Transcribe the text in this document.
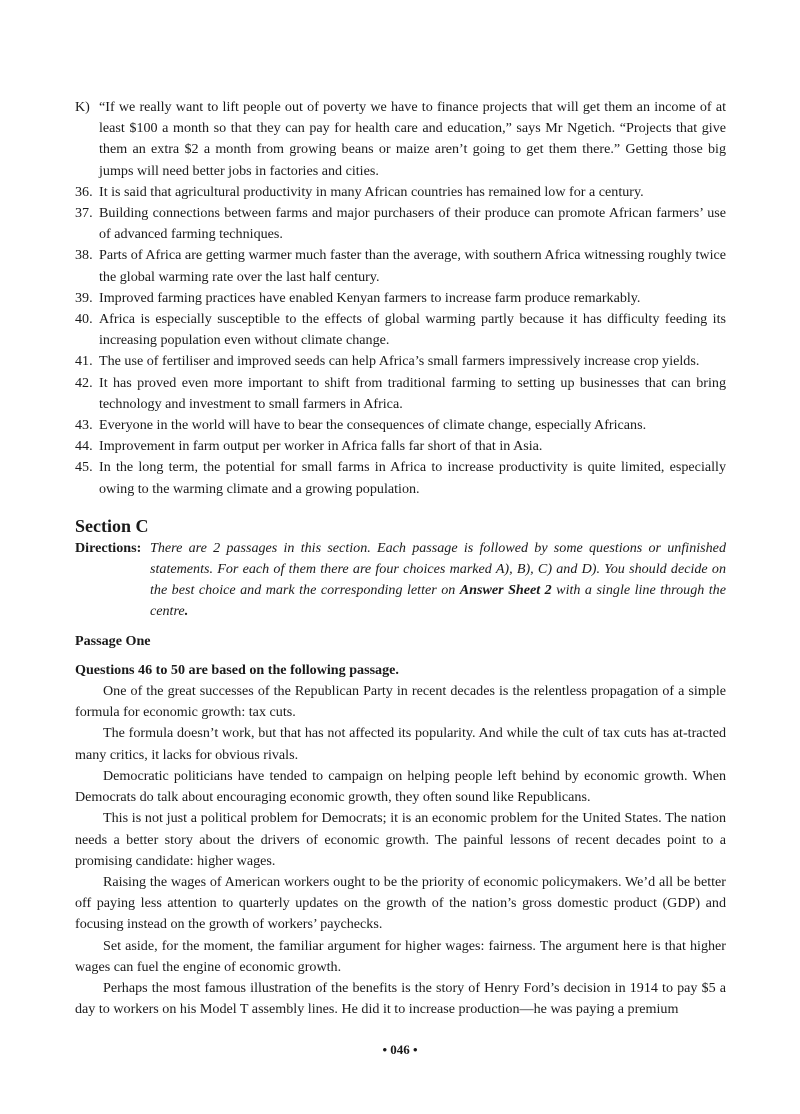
K) “If we really want to lift people out of poverty we have to finance projects that will get them an income of at least $100 a month so that they can pay for health care and education,” says Mr Ngetich. “Projects that give them an extra $2 a month from growing beans or maize aren’t going to get them there.” Getting those big jumps will need better jobs in factories and cities.
36. It is said that agricultural productivity in many African countries has remained low for a century.
37. Building connections between farms and major purchasers of their produce can promote African farmers’ use of advanced farming techniques.
38. Parts of Africa are getting warmer much faster than the average, with southern Africa witnessing roughly twice the global warming rate over the last half century.
39. Improved farming practices have enabled Kenyan farmers to increase farm produce remarkably.
40. Africa is especially susceptible to the effects of global warming partly because it has difficulty feeding its increasing population even without climate change.
41. The use of fertiliser and improved seeds can help Africa’s small farmers impressively increase crop yields.
42. It has proved even more important to shift from traditional farming to setting up businesses that can bring technology and investment to small farmers in Africa.
43. Everyone in the world will have to bear the consequences of climate change, especially Africans.
44. Improvement in farm output per worker in Africa falls far short of that in Asia.
45. In the long term, the potential for small farms in Africa to increase productivity is quite limited, especially owing to the warming climate and a growing population.
Section C
Directions: There are 2 passages in this section. Each passage is followed by some questions or unfinished statements. For each of them there are four choices marked A), B), C) and D). You should decide on the best choice and mark the corresponding letter on Answer Sheet 2 with a single line through the centre.
Passage One
Questions 46 to 50 are based on the following passage.
One of the great successes of the Republican Party in recent decades is the relentless propagation of a simple formula for economic growth: tax cuts.
The formula doesn’t work, but that has not affected its popularity. And while the cult of tax cuts has at-tracted many critics, it lacks for obvious rivals.
Democratic politicians have tended to campaign on helping people left behind by economic growth. When Democrats do talk about encouraging economic growth, they often sound like Republicans.
This is not just a political problem for Democrats; it is an economic problem for the United States. The nation needs a better story about the drivers of economic growth. The painful lessons of recent decades point to a promising candidate: higher wages.
Raising the wages of American workers ought to be the priority of economic policymakers. We’d all be better off paying less attention to quarterly updates on the growth of the nation’s gross domestic product (GDP) and focusing instead on the growth of workers’ paychecks.
Set aside, for the moment, the familiar argument for higher wages: fairness. The argument here is that higher wages can fuel the engine of economic growth.
Perhaps the most famous illustration of the benefits is the story of Henry Ford’s decision in 1914 to pay $5 a day to workers on his Model T assembly lines. He did it to increase production—he was paying a premium
• 046 •
